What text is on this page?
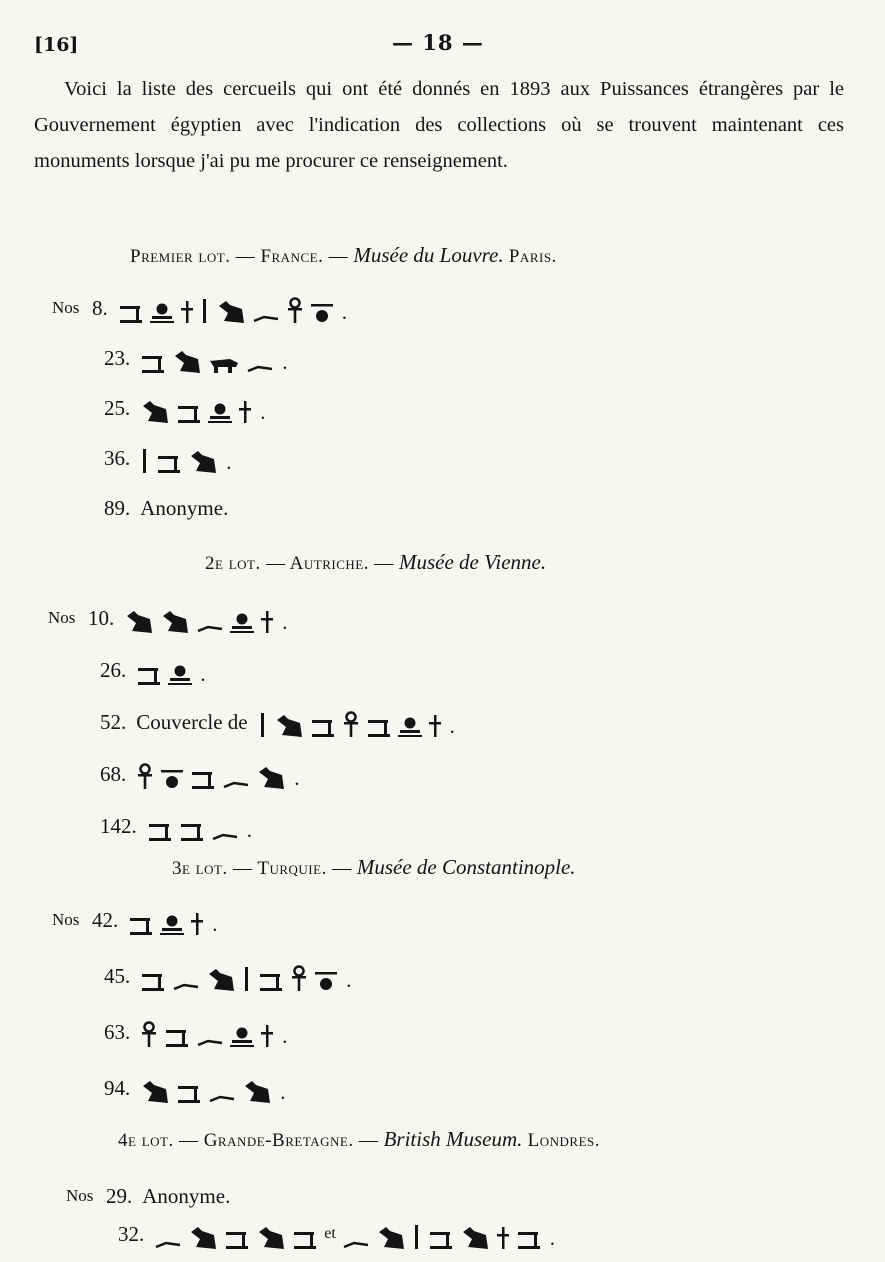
[16]	— 18 —
Voici la liste des cercueils qui ont été donnés en 1893 aux Puissances étrangères par le Gouvernement égyptien avec l'indication des collections où se trouvent maintenant ces monuments lorsque j'ai pu me procurer ce renseignement.
Premier lot. — France. — Musée du Louvre. Paris.
Nos 8.	.
23.	.
25.	.
36.	.
89. Anonyme.
2e lot. — Autriche. — Musée de Vienne.
Nos 10.	.
26.	.
52. Couvercle de	.
68.	.
142.	.
3e lot. — Turquie. — Musée de Constantinople.
Nos 42.	.
45.	.
63.	.
94.	.
4e lot. — Grande-Bretagne. — British Museum. Londres.
Nos 29. Anonyme.
32.	et	.
